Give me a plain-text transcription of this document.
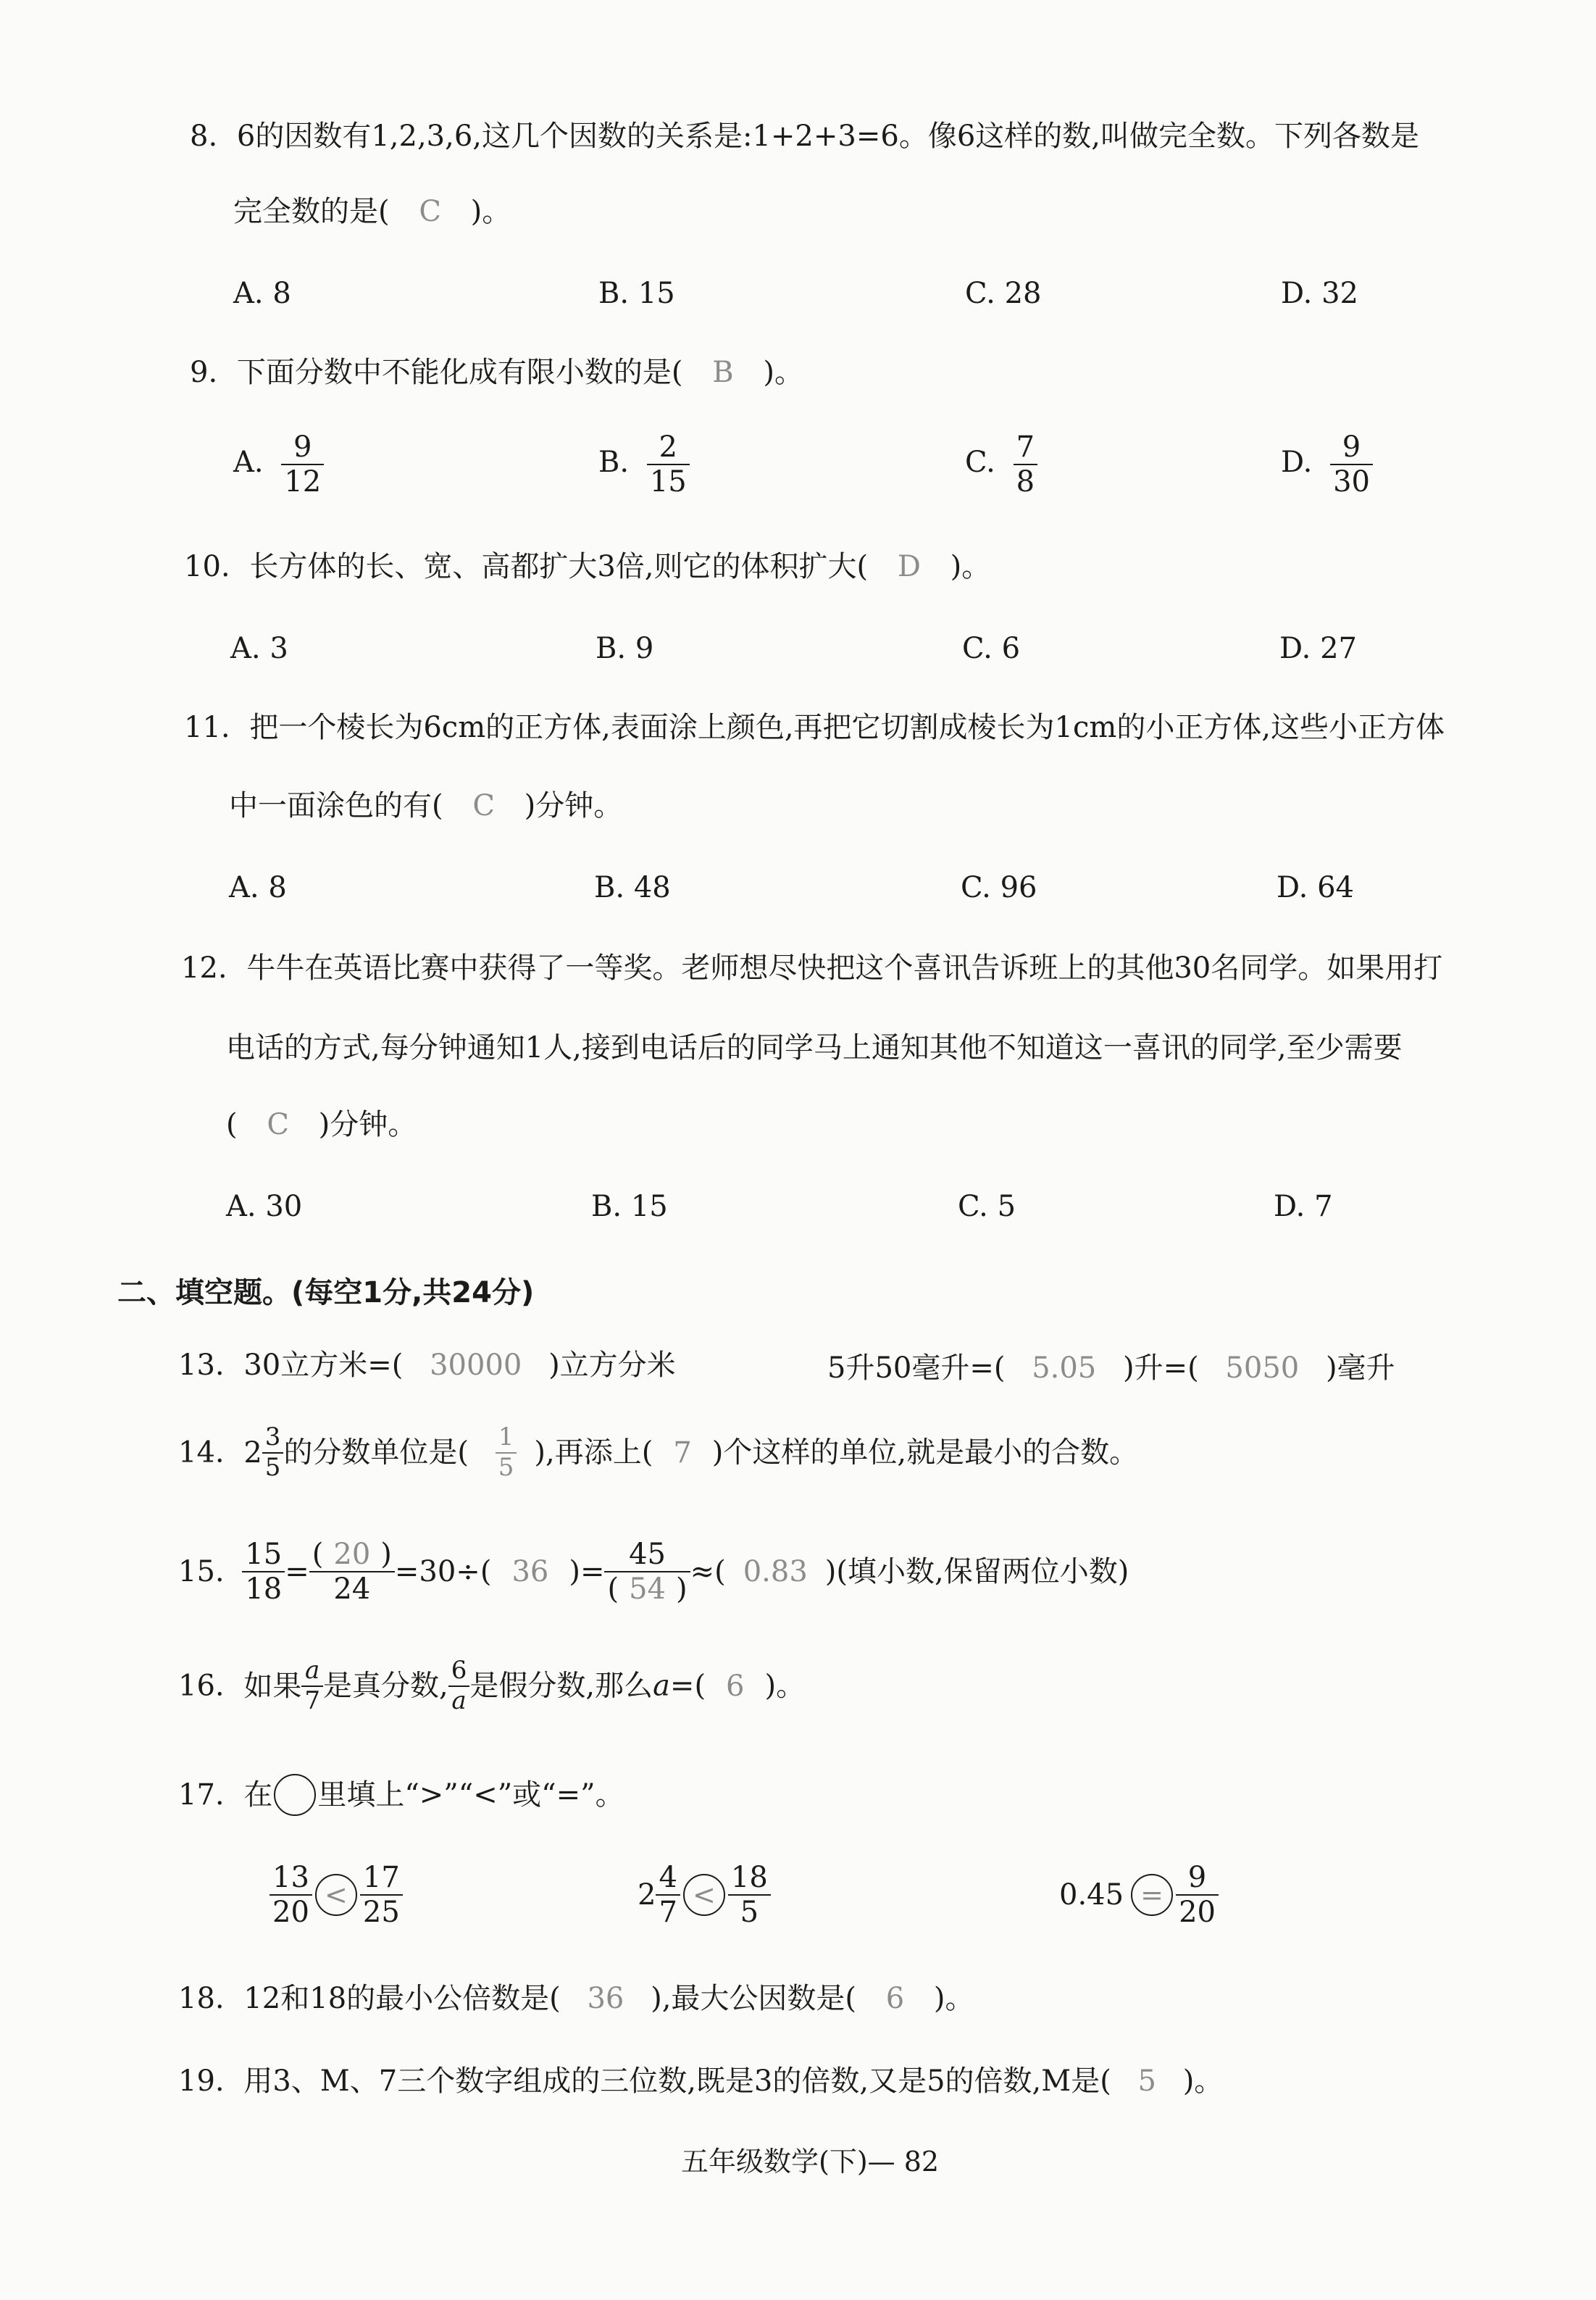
8. 6的因数有1,2,3,6,这几个因数的关系是:1+2+3=6。像6这样的数,叫做完全数。下列各数是
完全数的是( C )。
A. 8	B. 15	C. 28	D. 32
9. 下面分数中不能化成有限小数的是( B )。
A. $\frac{9}{12}$	B. $\frac{2}{15}$	C. $\frac{7}{8}$	D. $\frac{9}{30}$
10. 长方体的长、宽、高都扩大3倍,则它的体积扩大( D )。
A. 3	B. 9	C. 6	D. 27
11. 把一个棱长为6cm的正方体,表面涂上颜色,再把它切割成棱长为1cm的小正方体,这些小正方体
中一面涂色的有( C )分钟。
A. 8	B. 48	C. 96	D. 64
12. 牛牛在英语比赛中获得了一等奖。老师想尽快把这个喜讯告诉班上的其他30名同学。如果用打
电话的方式,每分钟通知1人,接到电话后的同学马上通知其他不知道这一喜讯的同学,至少需要
( C )分钟。
A. 30	B. 15	C. 5	D. 7
二、填空题。(每空1分,共24分)
13. 30立方米=( 30000 )立方分米	5升50毫升=( 5.05 )升=( 5050 )毫升
14. $2 \frac{3}{5}$ 的分数单位是( $\frac{1}{5}$ ),再添上( 7 )个这样的单位,就是最小的合数。
15. $\frac{15}{18} = \frac{( 20 )}{24} =30\div$( 36 )= $\frac{45}{( 54 )}$ ≈( 0.83 )(填小数,保留两位小数)
16. 如果 $\frac{a}{7}$ 是真分数, $\frac{6}{a}$ 是假分数,那么a=( 6 )。
17. 在 里填上“>”“<”或“=”。
$\frac{13}{20} < \frac{17}{25}$	$2 \frac{4}{7} < \frac{18}{5}$	$0.45 = \frac{9}{20}$
18. 12和18的最小公倍数是( 36 ),最大公因数是( 6 )。
19. 用3、M、7三个数字组成的三位数,既是3的倍数,又是5的倍数,M是( 5 )。
五年级数学(下)— 82
